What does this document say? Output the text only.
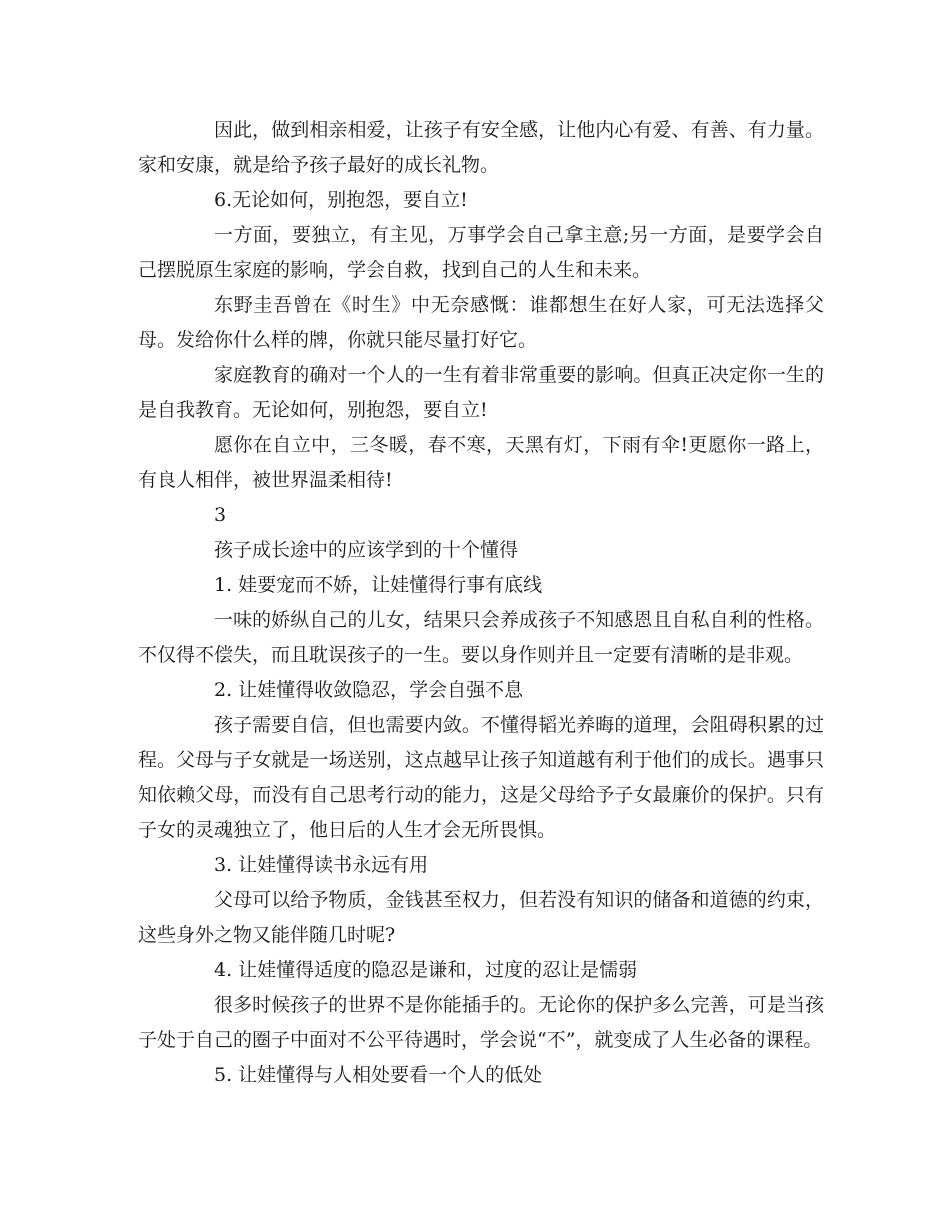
因此，做到相亲相爱，让孩子有安全感，让他内心有爱、有善、有力量。家和安康，就是给予孩子最好的成长礼物。

6.无论如何，别抱怨，要自立!

一方面，要独立，有主见，万事学会自己拿主意;另一方面，是要学会自己摆脱原生家庭的影响，学会自救，找到自己的人生和未来。

东野圭吾曾在《时生》中无奈感慨：谁都想生在好人家，可无法选择父母。发给你什么样的牌，你就只能尽量打好它。

家庭教育的确对一个人的一生有着非常重要的影响。但真正决定你一生的是自我教育。无论如何，别抱怨，要自立!

愿你在自立中，三冬暖，春不寒，天黑有灯，下雨有伞!更愿你一路上，有良人相伴，被世界温柔相待!

3

孩子成长途中的应该学到的十个懂得

1. 娃要宠而不娇，让娃懂得行事有底线

一味的娇纵自己的儿女，结果只会养成孩子不知感恩且自私自利的性格。不仅得不偿失，而且耽误孩子的一生。要以身作则并且一定要有清晰的是非观。

2. 让娃懂得收敛隐忍，学会自强不息

孩子需要自信，但也需要内敛。不懂得韬光养晦的道理，会阻碍积累的过程。父母与子女就是一场送别，这点越早让孩子知道越有利于他们的成长。遇事只知依赖父母，而没有自己思考行动的能力，这是父母给予子女最廉价的保护。只有子女的灵魂独立了，他日后的人生才会无所畏惧。

3. 让娃懂得读书永远有用

父母可以给予物质，金钱甚至权力，但若没有知识的储备和道德的约束，这些身外之物又能伴随几时呢?

4. 让娃懂得适度的隐忍是谦和，过度的忍让是懦弱

很多时候孩子的世界不是你能插手的。无论你的保护多么完善，可是当孩子处于自己的圈子中面对不公平待遇时，学会说“不”，就变成了人生必备的课程。

5. 让娃懂得与人相处要看一个人的低处
